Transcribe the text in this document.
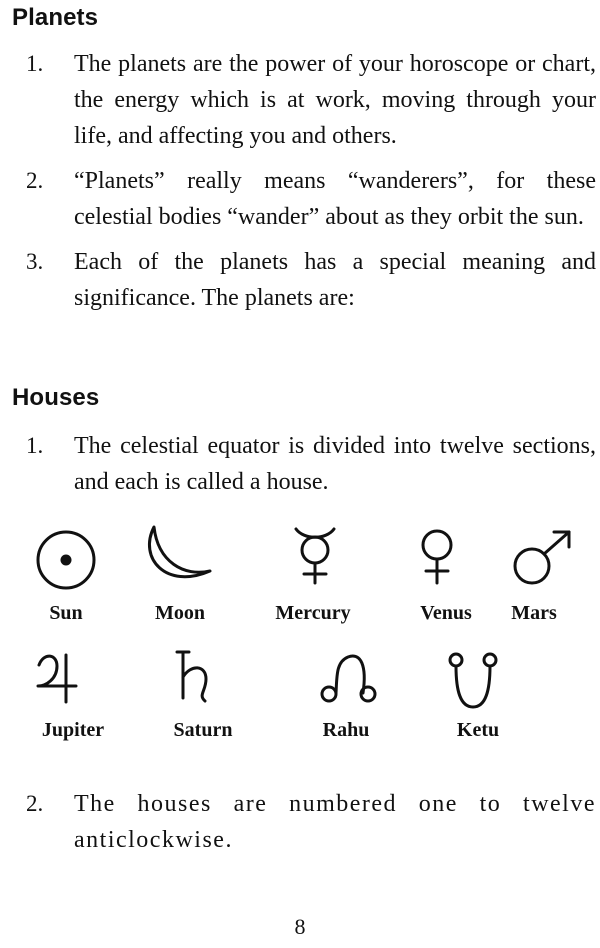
Planets
1.	The planets are the power of your horoscope or chart, the energy which is at work, moving through your life, and affecting you and others.
2.	“Planets” really means “wanderers”, for these celestial bodies “wander” about as they orbit the sun.
3.	Each of the planets has a special meaning and significance. The planets are:
Houses
1.	The celestial equator is divided into twelve sections, and each is called a house.
Sun	Moon	Mercury	Venus Mars
Jupiter	Saturn	Rahu	Ketu
2.	The houses are numbered one to twelve anticlockwise.
8
